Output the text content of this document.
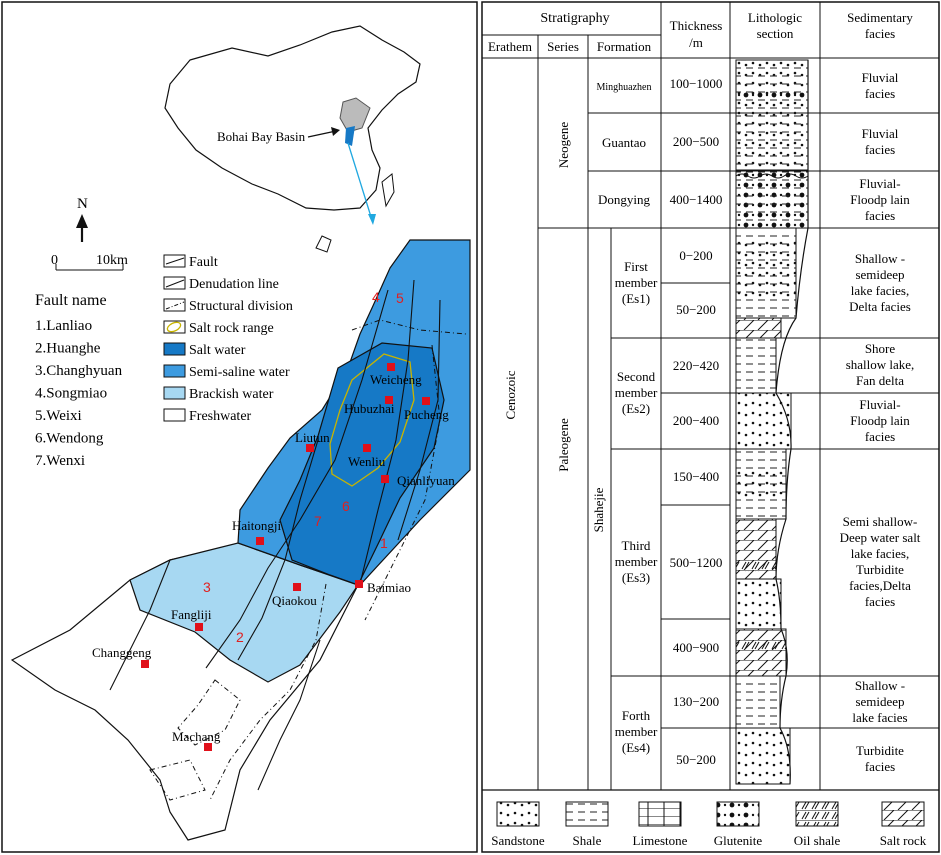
Bohai Bay Basin
N
0	10km
Fault name
1.Lanliao
2.Huanghe
3.Changhyuan
4.Songmiao
5.Weixi
6.Wendong
7.Wenxi
Fault
Denudation line
Structural division
Salt rock range
Salt water
Semi-saline water
Brackish water
Freshwater
1
2
3
4 5
6
7
Weicheng
Hubuzhai Pucheng
Liutun
Wenliu
Qianliyuan
Haitongji
Qiaokou
Baimiao
Fangliji
Changgeng
Machang
Stratigraphy
Erathem Series Formation
Thickness
/m
Lithologic
section
Sedimentary
facies
Cenozoic
Neogene
Paleogene
Shahejie
Minghuazhen
Guantao
Dongying
First
member
(Es1)
Second
member
(Es2)
Third
member
(Es3)
Forth
member
(Es4)
100−1000
200−500
400−1400
0−200
50−200
220−420
200−400
150−400
500−1200
400−900
130−200
50−200
Fluvial
facies
Fluvial
facies
Fluvial-
Floodp lain
facies
Shallow -
semideep
lake facies,
Delta facies
Shore
shallow lake,
Fan delta
Fluvial-
Floodp lain
facies
Semi shallow-
Deep water salt
lake facies,
Turbidite
facies,Delta
facies
Shallow -
semideep
lake facies
Turbidite
facies
Sandstone Shale Limestone Glutenite Oil shale	Salt rock
